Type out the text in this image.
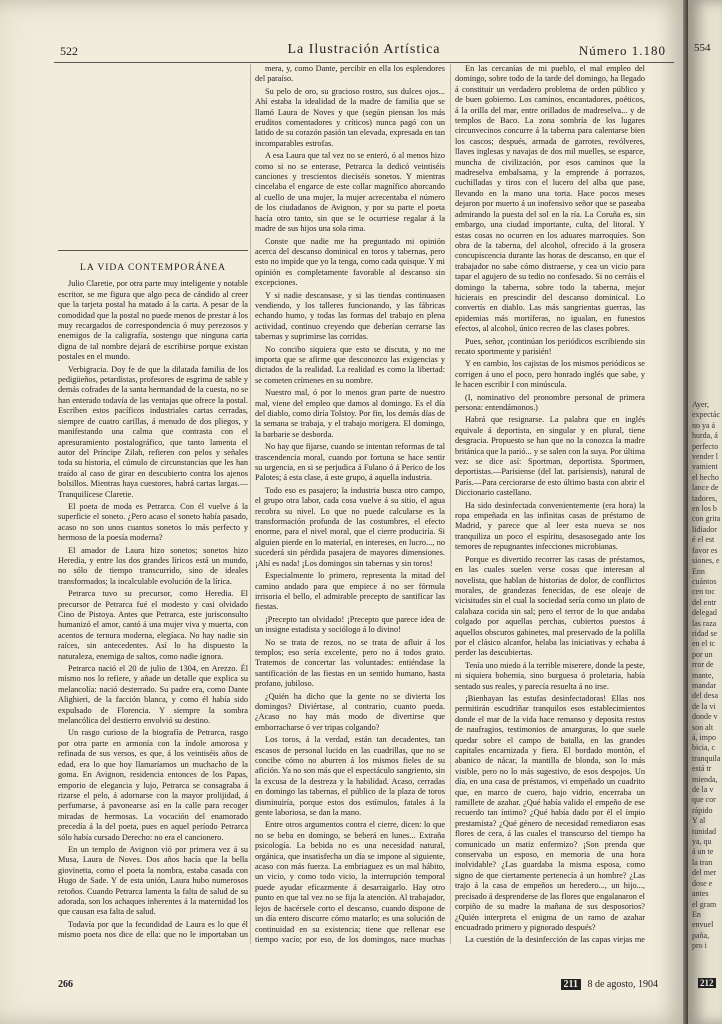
522	La Ilustración Artística	Número 1.180
LA VIDA CONTEMPORÁNEA

Julio Claretie, por otra parte muy inteligente y notable escritor, se me figura que algo peca de cándido al creer que la tarjeta postal ha matado á la carta. A pesar de la comodidad que la postal no puede menos de prestar á los muy recargados de correspondencia ó muy perezosos y enemigos de la caligrafía, sostengo que ninguna carta digna de tal nombre dejará de escribirse porque existan postales en el mundo.

Verbigracia. Doy fe de que la dilatada familia de los pedigüeños, petardistas, profesores de esgrima de sable y demás cofrades de la santa hermandad de la cuesta, no se han enterado todavía de las ventajas que ofrece la postal. Escriben estos pacíficos industriales cartas cerradas, siempre de cuatro carillas, á menudo de dos pliegos, y manifestando una calma que contrasta con el apresuramiento postalográfico, que tanto lamenta el autor del Príncipe Zilah, refieren con pelos y señales toda su historia, el cúmulo de circunstancias que les han traído al caso de girar en descubierto contra los ajenos bolsillos. Mientras haya cuestores, habrá cartas largas.—Tranquilícese Claretie.

El poeta de moda es Petrarca. Con él vuelve á la superficie el soneto. ¿Pero acaso el soneto había pasado, acaso no son unos cuantos sonetos lo más perfecto y hermoso de la poesía moderna?

El amador de Laura hizo sonetos; sonetos hizo Heredia, y entre los dos grandes líricos está un mundo, no sólo de tiempo transcurrido, sino de ideales transformados; la incalculable evolución de la lírica.

Petrarca tuvo su precursor, como Heredia. El precursor de Petrarca fué el modesto y casi olvidado Cino de Pistoya. Antes que Petrarca, este jurisconsulto humanizó el amor, cantó á una mujer viva y muerta, con acentos de ternura moderna, elegíaca. No hay nadie sin raíces, sin antecedentes. Así lo ha dispuesto la naturaleza, enemiga de saltos, como nadie ignora.

Petrarca nació el 20 de julio de 1304, en Arezzo. Él mismo nos lo refiere, y añade un detalle que explica su melancolía: nació desterrado. Su padre era, como Dante Alighieri, de la facción blanca, y como él había sido expulsado de Florencia. Y siempre la sombra melancólica del destierro envolvió su destino.

Un rasgo curioso de la biografía de Petrarca, rasgo por otra parte en armonía con la índole amorosa y refinada de sus versos, es que, á los veintiséis años de edad, era lo que hoy llamaríamos un muchacho de la goma. En Avignon, residencia entonces de los Papas, emporio de elegancia y lujo, Petrarca se consagraba á rizarse el pelo, á adornarse con la mayor prolijidad, á perfumarse, á pavonearse así en la calle para recoger miradas de hermosas. La vocación del enamorado precedía á la del poeta, pues en aquel período Petrarca sólo había cursado Derecho: no era el cancionero.

En un templo de Avignon vió por primera vez á su Musa, Laura de Noves. Dos años hacía que la bella giovinetta, como el poeta la nombra, estaba casada con Hugo de Sade. Y de esta unión, Laura hubo numerosos retoños. Cuando Petrarca lamenta la falta de salud de su adorada, son los achaques inherentes á la maternidad los que causan esa falta de salud.

Todavía por que la fecundidad de Laura es lo que él mismo poeta nos dice de ella: que no le importaban un

mera, y, como Dante, percibir en ella los esplendores del paraíso.

Su pelo de oro, su gracioso rostro, sus dulces ojos... Ahí estaba la idealidad de la madre de familia que se llamó Laura de Noves y que (según piensan los más eruditos comentadores y críticos) nunca pagó con un latido de su corazón pasión tan elevada, expresada en tan incomparables estrofas.

A esa Laura que tal vez no se enteró, ó al menos hizo como si no se enterase, Petrarca la dedicó veintiséis canciones y trescientos dieciséis sonetos. Y mientras cincelaba el engarce de este collar magnífico ahorcando al cuello de una mujer, la mujer acrecentaba el número de los ciudadanos de Avignon, y por su parte el poeta hacía otro tanto, sin que se le ocurriese regalar á la madre de sus hijos una sola rima.

Conste que nadie me ha preguntado mi opinión acerca del descanso dominical en toros y tabernas, pero esto no impide que yo la tenga, como cada quisque. Y mi opinión es completamente favorable al descanso sin excepciones.

Y si nadie descansase, y si las tiendas continuasen vendiendo, y los talleres funcionando, y las fábricas echando humo, y todas las formas del trabajo en plena actividad, continuo creyendo que deberían cerrarse las tabernas y suprimirse las corridas.

No concibo siquiera que esto se discuta, y no me importa que se afirme que desconozco las exigencias y dictados de la realidad. La realidad es como la libertad: se cometen crímenes en su nombre.

Nuestro mal, ó por lo menos gran parte de nuestro mal, viene del empleo que damos al domingo. Es el día del diablo, como diría Tolstoy. Por fin, los demás días de la semana se trabaja, y el trabajo morigera. El domingo, la barbarie se desborda.

No hay que fijarse, cuando se intentan reformas de tal trascendencia moral, cuando por fortuna se hace sentir su urgencia, en si se perjudica á Fulano ó á Perico de los Palotes; á esta clase, á este grupo, á aquella industria.

Todo eso es pasajero; la industria busca otro campo, el grupo otra labor, cada cosa vuelve á su sitio, el agua recobra su nivel. Lo que no puede calcularse es la transformación profunda de las costumbres, el efecto enorme, para el nivel moral, que el cierre produciría. Si alguien pierde en lo material, en intereses, en lucro..., no sucederá sin pérdida pasajera de mayores dimensiones. ¡Ahí es nada! ¡Los domingos sin tabernas y sin toros!

Especialmente lo primero, representa la mitad del camino andado para que empiece á no ser fórmula irrisoria el bello, el admirable precepto de santificar las fiestas.

¡Precepto tan olvidado! ¡Precepto que parece idea de un insigne estadista y sociólogo á lo divino!

No se trata de rezos, no se trata de afluir á los templos; eso sería excelente, pero no á todos grato. Tratemos de concertar las voluntades: entiéndase la santificación de las fiestas en un sentido humano, hasta profano, jubiloso.

¿Quién ha dicho que la gente no se divierta los domingos? Diviértase, al contrario, cuanto pueda. ¿Acaso no hay más modo de divertirse que emborracharse ó ver tripas colgando?

Los toros, á la verdad, están tan decadentes, tan escasos de personal lucido en las cuadrillas, que no se concibe cómo no aburren á los mismos fieles de su afición. Ya no son más que el espectáculo sangriento, sin la excusa de la destreza y la habilidad. Acaso, cerradas en domingo las tabernas, el público de la plaza de toros disminuiría, porque estos dos estímulos, fatales á la gente laboriosa, se dan la mano.

Entre otros argumentos contra el cierre, dicen: lo que no se beba en domingo, se beberá en lunes... Extraña psicología. La bebida no es una necesidad natural, orgánica, que insatisfecha un día se impone al siguiente, acaso con más fuerza. La embriaguez es un mal hábito, un vicio, y como todo vicio, la interrupción temporal puede ayudar eficazmente á desarraigarlo. Hay otro punto en que tal vez no se fija la atención. Al trabajador, lejos de hacérsele corto el descanso, cuando dispone de un día entero discurre cómo matarlo; es una solución de continuidad en su existencia; tiene que rellenar ese tiempo vacío; por eso, de los domingos, nace muchas

En las cercanías de mi pueblo, el mal empleo del domingo, sobre todo de la tarde del domingo, ha llegado á constituir un verdadero problema de orden público y de buen gobierno. Los caminos, encantadores, poéticos, á la orilla del mar, entre orillados de madreselva... y de templos de Baco. La zona sombría de los lugares circunvecinos concurre á la taberna para calentarse bien los cascos; después, armada de garrotes, revólveres, llaves inglesas y navajas de dos mil muelles, se esparce, muncha de civilización, por esos caminos que la madreselva embalsama, y la emprende á porrazos, cuchilladas y tiros con el lucero del alba que pase, llevando en la mano una torta. Hace pocos meses dejaron por muerto á un inofensivo señor que se paseaba admirando la puesta del sol en la ría. La Coruña es, sin embargo, una ciudad importante, culta, del litoral. Y estas cosas no ocurren en los aduares marroquíes. Son obra de la taberna, del alcohol, ofrecido á la grosera concupiscencia durante las horas de descanso, en que el trabajador no sabe cómo distraerse, y cea un vicio para tapar el agujero de su tedio no confesado. Si no cerráis el domingo la taberna, sobre todo la taberna, mejor hicierais en prescindir del descanso dominical. Lo convertís en diablo. Las más sangrientas guerras, las epidemias más mortíferas, no igualan, en funestos efectos, al alcohol, único recreo de las clases pobres.

Pues, señor, ¡continúan los periódicos escribiendo sin recato sportmente y parisién!

Y en cambio, los cajistas de los mismos periódicos se corrigen á uno el poco, pero honrado inglés que sabe, y le hacen escribir I con minúscula.

(I, nominativo del pronombre personal de primera persona: entendámonos.)

Habrá que resignarse. La palabra que en inglés equivale á deportista, en singular y en plural, tiene desgracia. Propuesto se han que no la conozca la madre británica que la parió... y se salen con la suya. Por última vez: se dice así: Sportman, deportista. Sportmen, deportistas.—Parisiense (del lat. parisiensis), natural de París.—Para cerciorarse de esto último basta con abrir el Diccionario castellano.

Ha sido desinfectada convenientemente (era hora) la ropa empeñada en las infinitas casas de préstamo de Madrid, y parece que al leer esta nueva se nos tranquiliza un poco el espíritu, desasosegado ante los temores de repugnantes infecciones microbianas.

Porque es divertido recorrer las casas de préstamos, en las cuales suelen verse cosas que interesan al novelista, que hablan de historias de dolor, de conflictos morales, de grandezas fenecidas, de ese oleaje de vicisitudes sin el cual la sociedad sería como un plato de calabaza cocida sin sal; pero el terror de lo que andaba colgado por aquellas perchas, cubiertos puestos á aquellos obscuros gabinetes, mal preservado de la polilla por el clásico alcanfor, helaba las iniciativas y echaba á perder las descubiertas.

Tenía uno miedo á la terrible miserere, donde la peste, ni siquiera bohemia, sino burguesa ó proletaria, había sentado sus reales, y parecía resuelta á no irse.

¡Bienhayan las estufas desinfectadoras! Ellas nos permitirán escudriñar tranquilos esos establecimientos donde el mar de la vida hace remanso y deposita restos de naufragios, testimonios de amarguras, lo que suele quedar sobre el campo de batalla, en las grandes capitales encarnizada y fiera. El bordado montón, el abanico de nácar, la mantilla de blonda, son lo más visible, pero no lo más sugestivo, de esos despojos. Un día, en una casa de préstamos, vi empeñado un cuadrito que, en marco de cuero, bajo vidrio, encerraba un ramillete de azahar. ¿Qué había valido el empeño de ese recuerdo tan íntimo? ¿Qué había dado por él el ímpio prestamista? ¿Qué género de necesidad remediaron esas flores de cera, á las cuales el transcurso del tiempo ha comunicado un matiz enfermizo? ¡Son prenda que conservaba un esposo, en memoria de una hora inolvidable? ¿Las guardaba la misma esposa, como signo de que ciertamente pertenecía á un hombre? ¿Las trajo á la casa de empeños un heredero..., un hijo..., precisado á desprenderse de las flores que engalanaron el corpiño de su madre la mañana de sus desposorios? ¿Quién interpreta el enigma de un ramo de azahar encuadrado primero y pignorado después?

La cuestión de la desinfección de las capas viejas me

266	211 8 de agosto, 1904
554
Ayer,
expectác
no ya á
hurda, á
perfecto
vender l
vamient
el hecho
lance de
tadores,
en los b
con grita
lidiador
é el est
favor es
siones, e
Enn
cuántos
cen toc
del entr
delegad
las raza
ridad se
en el tc
por un
rror de
mante,
mandar
del desa
de la vi
donde v
son alt
á, impo
bicia, c
tranquila
está tr
mienda,
de la v
que cor
rápido
Y al
tunidad
ya, qu
á un te
la tran
del mer
dose e
antes
el gram
En
envuel
paña,
pro i
212
